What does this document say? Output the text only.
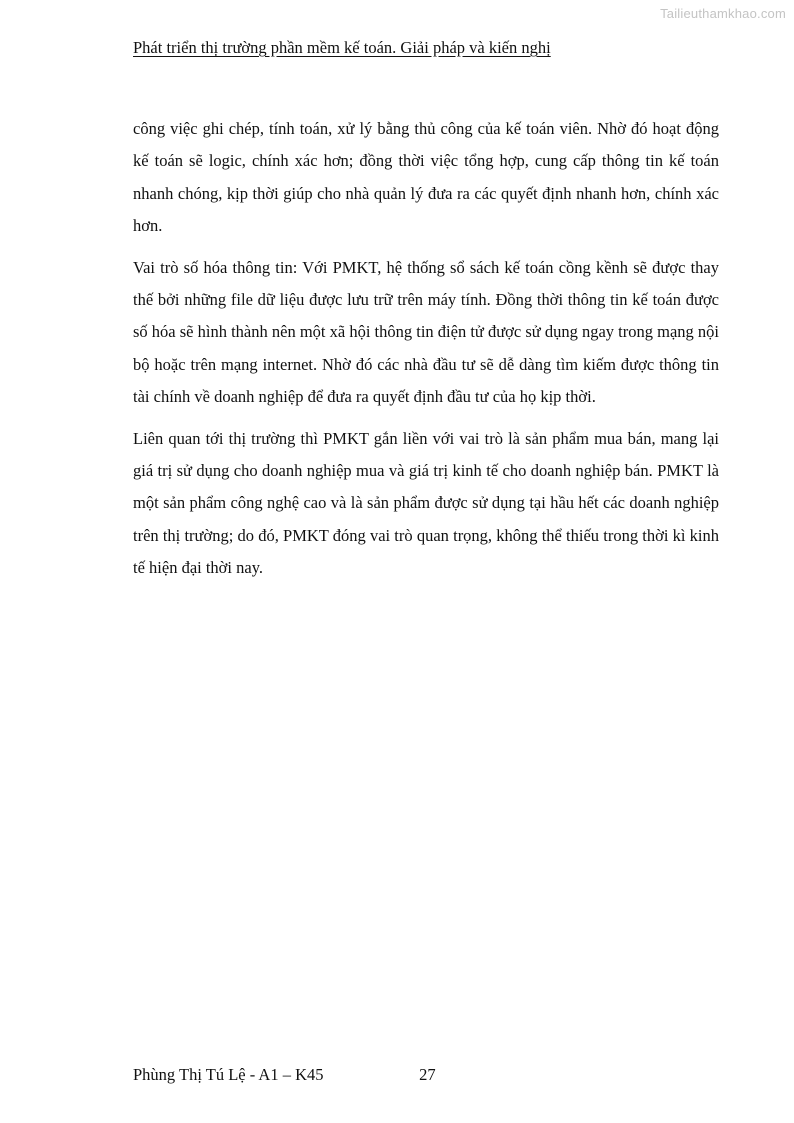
Tailieuthamkhao.com
Phát triển thị trường phần mềm kế toán. Giải pháp và kiến nghị

công việc ghi chép, tính toán, xử lý bằng thủ công của kế toán viên. Nhờ đó hoạt động kế toán sẽ logic, chính xác hơn; đồng thời việc tổng hợp, cung cấp thông tin kế toán nhanh chóng, kịp thời giúp cho nhà quản lý đưa ra các quyết định nhanh hơn, chính xác hơn.

Vai trò số hóa thông tin: Với PMKT, hệ thống sổ sách kế toán cồng kềnh sẽ được thay thế bởi những file dữ liệu được lưu trữ trên máy tính. Đồng thời thông tin kế toán được số hóa sẽ hình thành nên một xã hội thông tin điện tử được sử dụng ngay trong mạng nội bộ hoặc trên mạng internet. Nhờ đó các nhà đầu tư sẽ dễ dàng tìm kiếm được thông tin tài chính về doanh nghiệp để đưa ra quyết định đầu tư của họ kịp thời.

Liên quan tới thị trường thì PMKT gắn liền với vai trò là sản phẩm mua bán, mang lại giá trị sử dụng cho doanh nghiệp mua và giá trị kinh tế cho doanh nghiệp bán. PMKT là một sản phẩm công nghệ cao và là sản phẩm được sử dụng tại hầu hết các doanh nghiệp trên thị trường; do đó, PMKT đóng vai trò quan trọng, không thể thiếu trong thời kì kinh tế hiện đại thời nay.

Phùng Thị Tú Lệ - A1 – K45	27
